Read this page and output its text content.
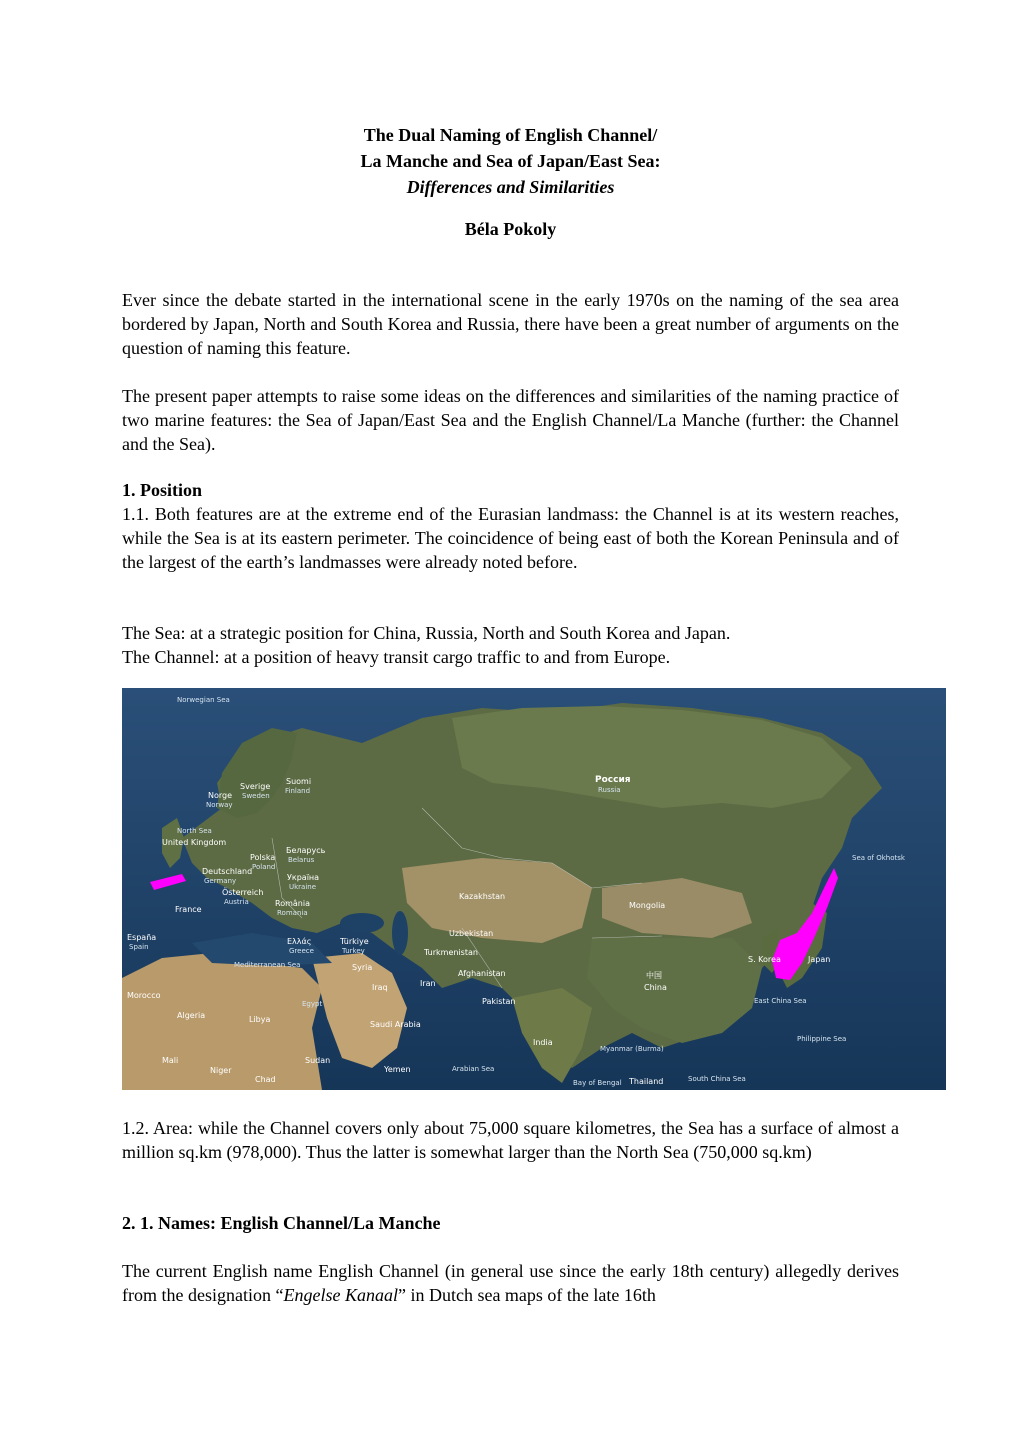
The Dual Naming of English Channel/
La Manche and Sea of Japan/East Sea:
Differences and Similarities
Béla Pokoly

Ever since the debate started in the international scene in the early 1970s on the naming of the sea area bordered by Japan, North and South Korea and Russia, there have been a great number of arguments on the question of naming this feature.

The present paper attempts to raise some ideas on the differences and similarities of the naming practice of two marine features: the Sea of Japan/East Sea and the English Channel/La Manche (further: the Channel and the Sea).

1. Position

1.1. Both features are at the extreme end of the Eurasian landmass: the Channel is at its western reaches, while the Sea is at its eastern perimeter. The coincidence of being east of both the Korean Peninsula and of the largest of the earth’s landmasses were already noted before.

The Sea: at a strategic position for China, Russia, North and South Korea and Japan.

The Channel: at a position of heavy transit cargo traffic to and from Europe.

1.2. Area: while the Channel covers only about 75,000 square kilometres, the Sea has a surface of almost a million sq.km (978,000). Thus the latter is somewhat larger than the North Sea (750,000 sq.km)

2. 1. Names: English Channel/La Manche

The current English name English Channel (in general use since the early 18th century) allegedly derives from the designation “Engelse Kanaal” in Dutch sea maps of the late 16th

Norwegian Sea
Suomi
Finland
Sverige
Sweden
Norge
Norway
North Sea
United Kingdom
Deutschland
Germany
Polska
Poland
Беларусь
Belarus
Україна
Ukraine
Österreich
Austria	România
Romania
France
España
Spain
Ελλάς
Greece
Türkiye
Turkey
Mediterranean Sea
Morocco
Algeria	Libya
Egypt
Mali
Niger
Chad
Sudan
Syria
Iraq	Iran
Saudi Arabia
Yemen	Arabian Sea
Россия
Russia
Kazakhstan
Uzbekistan
Turkmenistan
Afghanistan
Pakistan
India
Mongolia
中国
China
Myanmar (Burma)
Thailand
Bay of Bengal	South China Sea
Philippine Sea
East China Sea
S. Korea	Japan
Sea of Okhotsk
